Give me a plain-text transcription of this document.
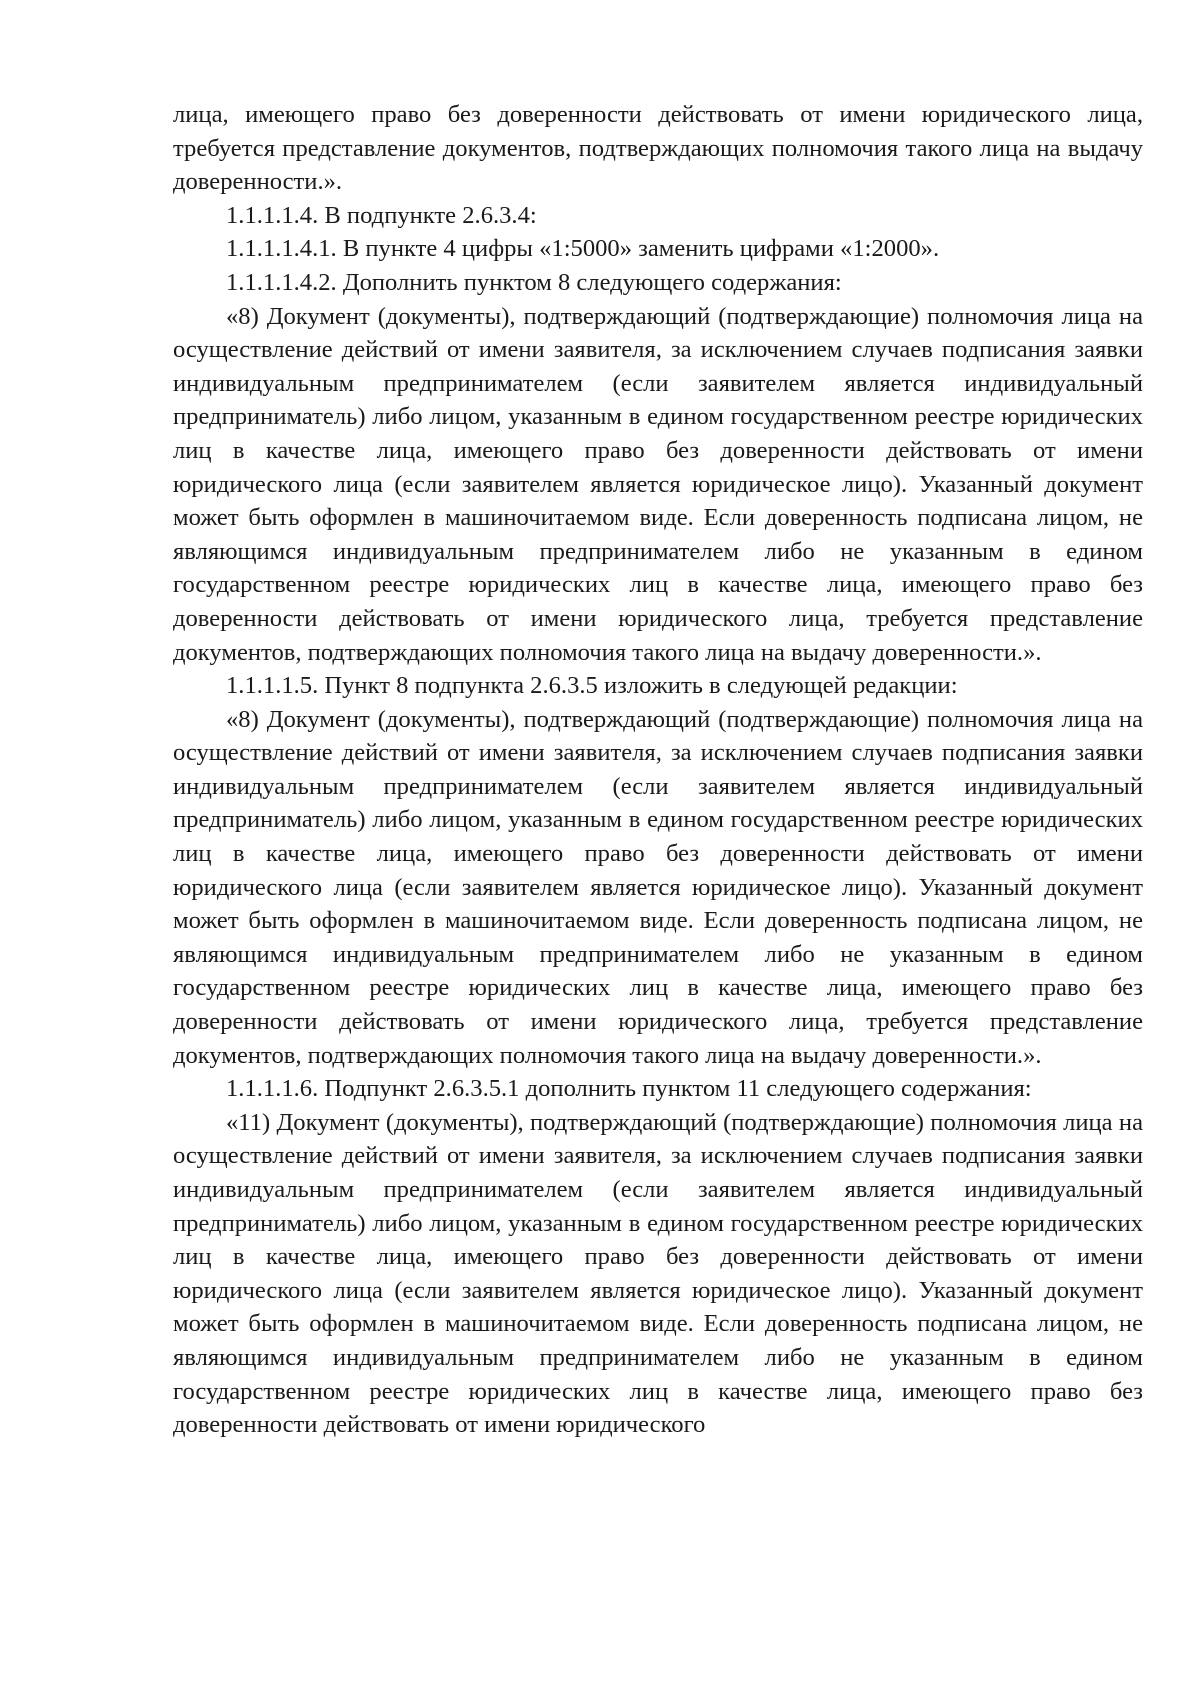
лица, имеющего право без доверенности действовать от имени юридического лица, требуется представление документов, подтверждающих полномочия такого лица на выдачу доверенности.».

1.1.1.1.4. В подпункте 2.6.3.4:

1.1.1.1.4.1. В пункте 4 цифры «1:5000» заменить цифрами «1:2000».

1.1.1.1.4.2. Дополнить пунктом 8 следующего содержания:

«8) Документ (документы), подтверждающий (подтверждающие) полномочия лица на осуществление действий от имени заявителя, за исключением случаев подписания заявки индивидуальным предпринимателем (если заявителем является индивидуальный предприниматель) либо лицом, указанным в едином государственном реестре юридических лиц в качестве лица, имеющего право без доверенности действовать от имени юридического лица (если заявителем является юридическое лицо). Указанный документ может быть оформлен в машиночитаемом виде. Если доверенность подписана лицом, не являющимся индивидуальным предпринимателем либо не указанным в едином государственном реестре юридических лиц в качестве лица, имеющего право без доверенности действовать от имени юридического лица, требуется представление документов, подтверждающих полномочия такого лица на выдачу доверенности.».

1.1.1.1.5. Пункт 8 подпункта 2.6.3.5 изложить в следующей редакции:

«8) Документ (документы), подтверждающий (подтверждающие) полномочия лица на осуществление действий от имени заявителя, за исключением случаев подписания заявки индивидуальным предпринимателем (если заявителем является индивидуальный предприниматель) либо лицом, указанным в едином государственном реестре юридических лиц в качестве лица, имеющего право без доверенности действовать от имени юридического лица (если заявителем является юридическое лицо). Указанный документ может быть оформлен в машиночитаемом виде. Если доверенность подписана лицом, не являющимся индивидуальным предпринимателем либо не указанным в едином государственном реестре юридических лиц в качестве лица, имеющего право без доверенности действовать от имени юридического лица, требуется представление документов, подтверждающих полномочия такого лица на выдачу доверенности.».

1.1.1.1.6. Подпункт 2.6.3.5.1 дополнить пунктом 11 следующего содержания:

«11) Документ (документы), подтверждающий (подтверждающие) полномочия лица на осуществление действий от имени заявителя, за исключением случаев подписания заявки индивидуальным предпринимателем (если заявителем является индивидуальный предприниматель) либо лицом, указанным в едином государственном реестре юридических лиц в качестве лица, имеющего право без доверенности действовать от имени юридического лица (если заявителем является юридическое лицо). Указанный документ может быть оформлен в машиночитаемом виде. Если доверенность подписана лицом, не являющимся индивидуальным предпринимателем либо не указанным в едином государственном реестре юридических лиц в качестве лица, имеющего право без доверенности действовать от имени юридического
